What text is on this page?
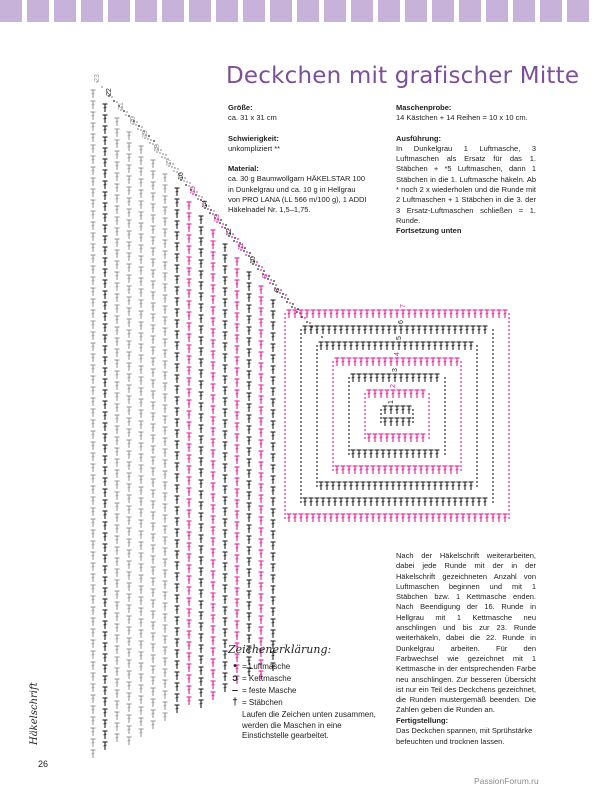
1
2
3
4
5
6
7
8
9
10
11
12
13
14
15
16
17
18
19
20
21
22
23	Deckchen mit grafischer Mitte
Größe:
ca. 31 x 31 cm
Schwierigkeit:
unkompliziert **
Material:
ca. 30 g Baumwollgarn HÄKELSTAR 100 in Dunkelgrau und ca. 10 g in Hellgrau von PRO LANA (LL 566 m/100 g), 1 ADDI Häkelnadel Nr. 1,5–1,75.
Maschenprobe:
14 Kästchen + 14 Reihen = 10 x 10 cm.
Ausführung:
In Dunkelgrau 1 Luftmasche, 3 Luftmaschen als Ersatz für das 1. Stäbchen + *5 Luftmaschen, dann 1 Stäbchen in die 1. Luftmasche häkeln. Ab * noch 2 x wiederholen und die Runde mit 2 Luftmaschen + 1 Stäbchen in die 3. der 3 Ersatz-Luftmaschen schließen = 1. Runde.
Fortsetzung unten
Nach der Häkelschrift weiterarbeiten, dabei jede Runde mit der in der Häkelschrift gezeichneten Anzahl von Luftmaschen beginnen und mit 1 Stäbchen bzw. 1 Kettmasche enden. Nach Beendigung der 16. Runde in Hellgrau mit 1 Kettmasche neu anschlingen und bis zur 23. Runde weiterhäkeln, dabei die 22. Runde in Dunkelgrau arbeiten. Für den Farbwechsel wie gezeichnet mit 1 Kettmasche in der entsprechenden Farbe neu anschlingen. Zur besseren Übersicht ist nur ein Teil des Deckchens gezeichnet, die Runden mustergemäß beenden. Die Zahlen geben die Runden an.
Fertigstellung:
Das Deckchen spannen, mit Sprühstärke befeuchten und trocknen lassen.
Zeichenerklärung:
• = Luftmasche
ɔ = Kettmasche
‒ = feste Masche
† = Stäbchen
Laufen die Zeichen unten zusammen, werden die Maschen in eine Einstichstelle gearbeitet.
Häkelschrift
26
PassionForum.ru
